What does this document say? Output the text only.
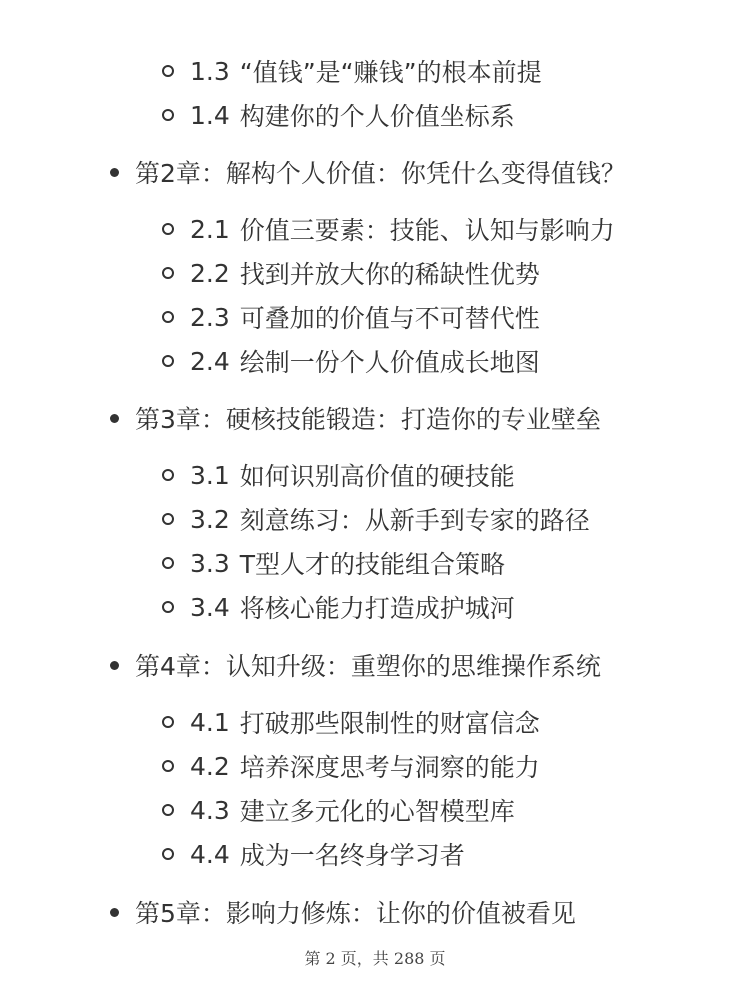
1.3 “值钱”是“赚钱”的根本前提
1.4 构建你的个人价值坐标系
第2章：解构个人价值：你凭什么变得值钱？
2.1 价值三要素：技能、认知与影响力
2.2 找到并放大你的稀缺性优势
2.3 可叠加的价值与不可替代性
2.4 绘制一份个人价值成长地图
第3章：硬核技能锻造：打造你的专业壁垒
3.1 如何识别高价值的硬技能
3.2 刻意练习：从新手到专家的路径
3.3 T型人才的技能组合策略
3.4 将核心能力打造成护城河
第4章：认知升级：重塑你的思维操作系统
4.1 打破那些限制性的财富信念
4.2 培养深度思考与洞察的能力
4.3 建立多元化的心智模型库
4.4 成为一名终身学习者
第5章：影响力修炼：让你的价值被看见
第 2 页，共 288 页
